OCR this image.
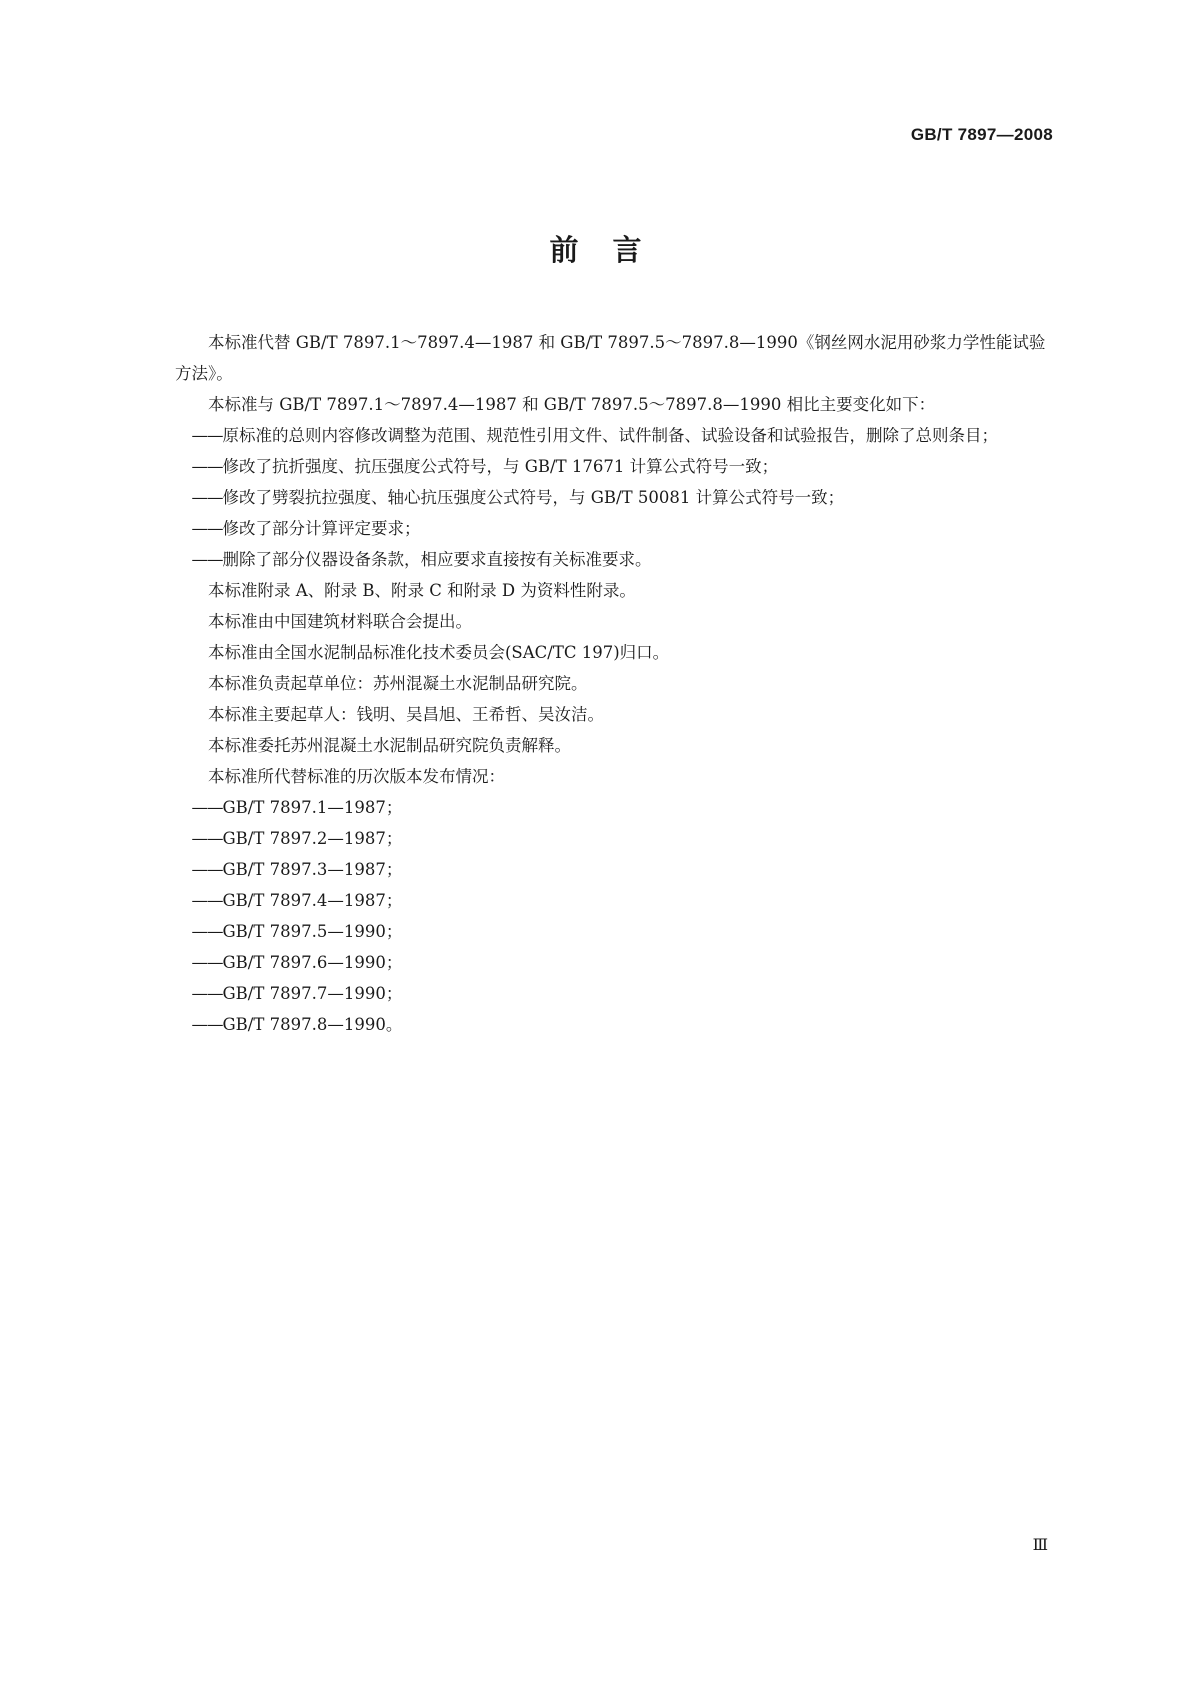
GB/T 7897—2008
前言

本标准代替 GB/T 7897.1～7897.4—1987 和 GB/T 7897.5～7897.8—1990《钢丝网水泥用砂浆力学性能试验方法》。

本标准与 GB/T 7897.1～7897.4—1987 和 GB/T 7897.5～7897.8—1990 相比主要变化如下：

——原标准的总则内容修改调整为范围、规范性引用文件、试件制备、试验设备和试验报告，删除了总则条目；

——修改了抗折强度、抗压强度公式符号，与 GB/T 17671 计算公式符号一致；

——修改了劈裂抗拉强度、轴心抗压强度公式符号，与 GB/T 50081 计算公式符号一致；

——修改了部分计算评定要求；

——删除了部分仪器设备条款，相应要求直接按有关标准要求。

本标准附录 A、附录 B、附录 C 和附录 D 为资料性附录。

本标准由中国建筑材料联合会提出。

本标准由全国水泥制品标准化技术委员会(SAC/TC 197)归口。

本标准负责起草单位：苏州混凝土水泥制品研究院。

本标准主要起草人：钱明、吴昌旭、王希哲、吴汝洁。

本标准委托苏州混凝土水泥制品研究院负责解释。

本标准所代替标准的历次版本发布情况：

——GB/T 7897.1—1987；

——GB/T 7897.2—1987；

——GB/T 7897.3—1987；

——GB/T 7897.4—1987；

——GB/T 7897.5—1990；

——GB/T 7897.6—1990；

——GB/T 7897.7—1990；

——GB/T 7897.8—1990。

Ⅲ
